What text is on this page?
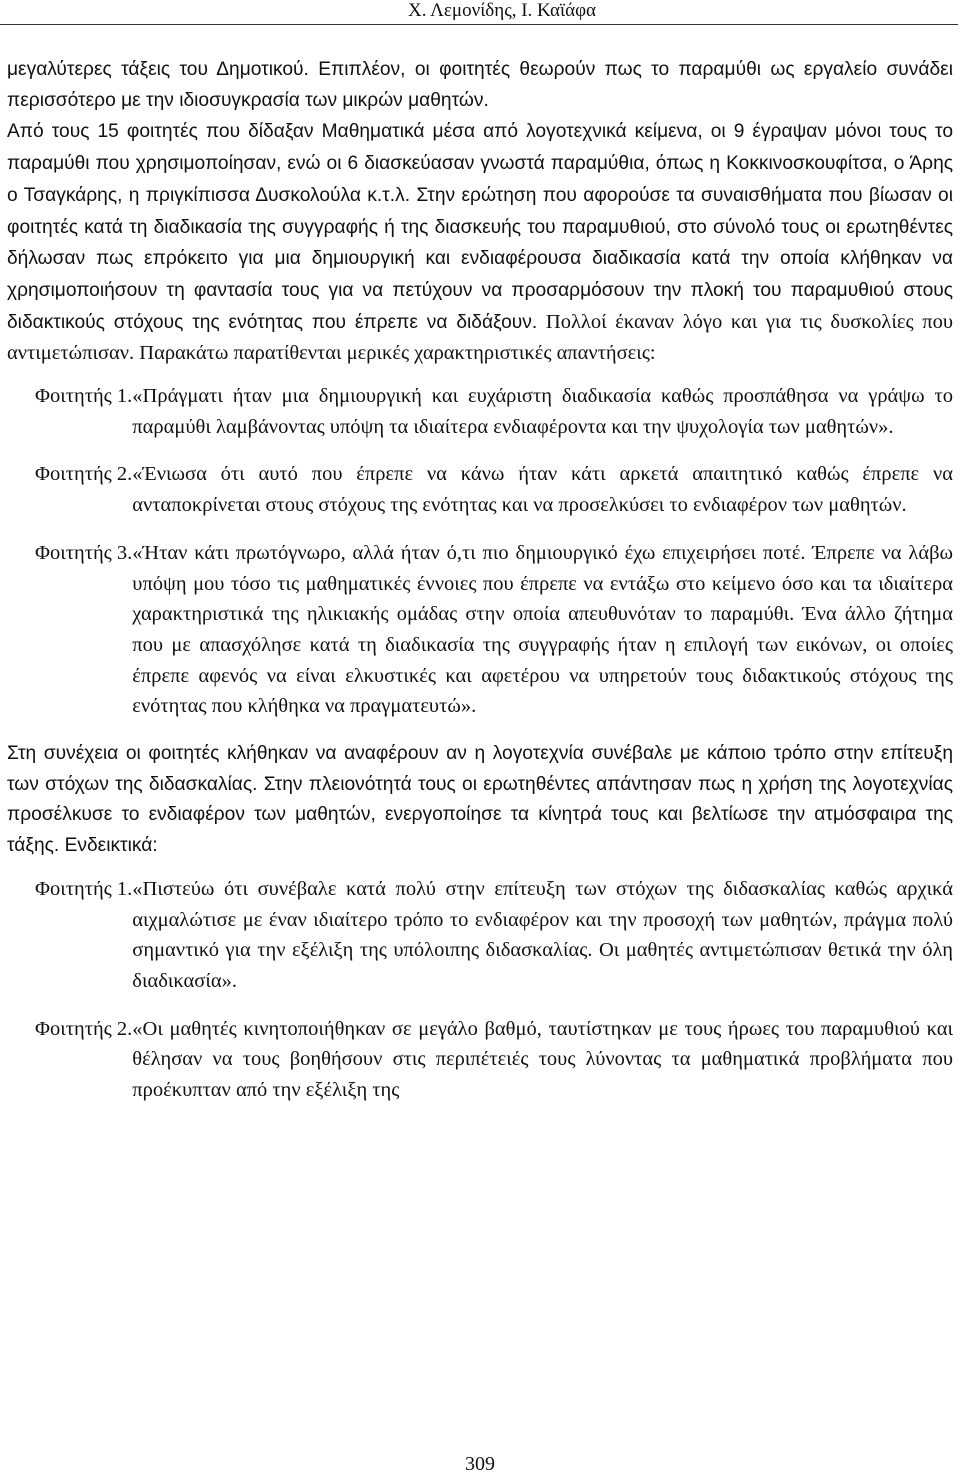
Χ. Λεμονίδης, Ι. Καϊάφα

μεγαλύτερες τάξεις του Δημοτικού. Επιπλέον, οι φοιτητές θεωρούν πως το παραμύθι ως εργαλείο συνάδει περισσότερο με την ιδιοσυγκρασία των μικρών μαθητών.

Από τους 15 φοιτητές που δίδαξαν Μαθηματικά μέσα από λογοτεχνικά κείμενα, οι 9 έγραψαν μόνοι τους το παραμύθι που χρησιμοποίησαν, ενώ οι 6 διασκεύασαν γνωστά παραμύθια, όπως η Κοκκινοσκουφίτσα, ο Άρης ο Τσαγκάρης, η πριγκίπισσα Δυσκολούλα κ.τ.λ. Στην ερώτηση που αφορούσε τα συναισθήματα που βίωσαν οι φοιτητές κατά τη διαδικασία της συγγραφής ή της διασκευής του παραμυθιού, στο σύνολό τους οι ερωτηθέντες δήλωσαν πως επρόκειτο για μια δημιουργική και ενδιαφέρουσα διαδικασία κατά την οποία κλήθηκαν να χρησιμοποιήσουν τη φαντασία τους για να πετύχουν να προσαρμόσουν την πλοκή του παραμυθιού στους διδακτικούς στόχους της ενότητας που έπρεπε να διδάξουν. Πολλοί έκαναν λόγο και για τις δυσκολίες που αντιμετώπισαν. Παρακάτω παρατίθενται μερικές χαρακτηριστικές απαντήσεις:

Φοιτητής 1. «Πράγματι ήταν μια δημιουργική και ευχάριστη διαδικασία καθώς προσπάθησα να γράψω το παραμύθι λαμβάνοντας υπόψη τα ιδιαίτερα ενδιαφέροντα και την ψυχολογία των μαθητών».
Φοιτητής 2. «Ένιωσα ότι αυτό που έπρεπε να κάνω ήταν κάτι αρκετά απαιτητικό καθώς έπρεπε να ανταποκρίνεται στους στόχους της ενότητας και να προσελκύσει το ενδιαφέρον των μαθητών.
Φοιτητής 3. «Ήταν κάτι πρωτόγνωρο, αλλά ήταν ό,τι πιο δημιουργικό έχω επιχειρήσει ποτέ. Έπρεπε να λάβω υπόψη μου τόσο τις μαθηματικές έννοιες που έπρεπε να εντάξω στο κείμενο όσο και τα ιδιαίτερα χαρακτηριστικά της ηλικιακής ομάδας στην οποία απευθυνόταν το παραμύθι. Ένα άλλο ζήτημα που με απασχόλησε κατά τη διαδικασία της συγγραφής ήταν η επιλογή των εικόνων, οι οποίες έπρεπε αφενός να είναι ελκυστικές και αφετέρου να υπηρετούν τους διδακτικούς στόχους της ενότητας που κλήθηκα να πραγματευτώ».

Στη συνέχεια οι φοιτητές κλήθηκαν να αναφέρουν αν η λογοτεχνία συνέβαλε με κάποιο τρόπο στην επίτευξη των στόχων της διδασκαλίας. Στην πλειονότητά τους οι ερωτηθέντες απάντησαν πως η χρήση της λογοτεχνίας προσέλκυσε το ενδιαφέρον των μαθητών, ενεργοποίησε τα κίνητρά τους και βελτίωσε την ατμόσφαιρα της τάξης. Ενδεικτικά:

Φοιτητής 1. «Πιστεύω ότι συνέβαλε κατά πολύ στην επίτευξη των στόχων της διδασκαλίας καθώς αρχικά αιχμαλώτισε με έναν ιδιαίτερο τρόπο το ενδιαφέρον και την προσοχή των μαθητών, πράγμα πολύ σημαντικό για την εξέλιξη της υπόλοιπης διδασκαλίας. Οι μαθητές αντιμετώπισαν θετικά την όλη διαδικασία».
Φοιτητής 2. «Οι μαθητές κινητοποιήθηκαν σε μεγάλο βαθμό, ταυτίστηκαν με τους ήρωες του παραμυθιού και θέλησαν να τους βοηθήσουν στις περιπέτειές τους λύνοντας τα μαθηματικά προβλήματα που προέκυπταν από την εξέλιξη της
309
